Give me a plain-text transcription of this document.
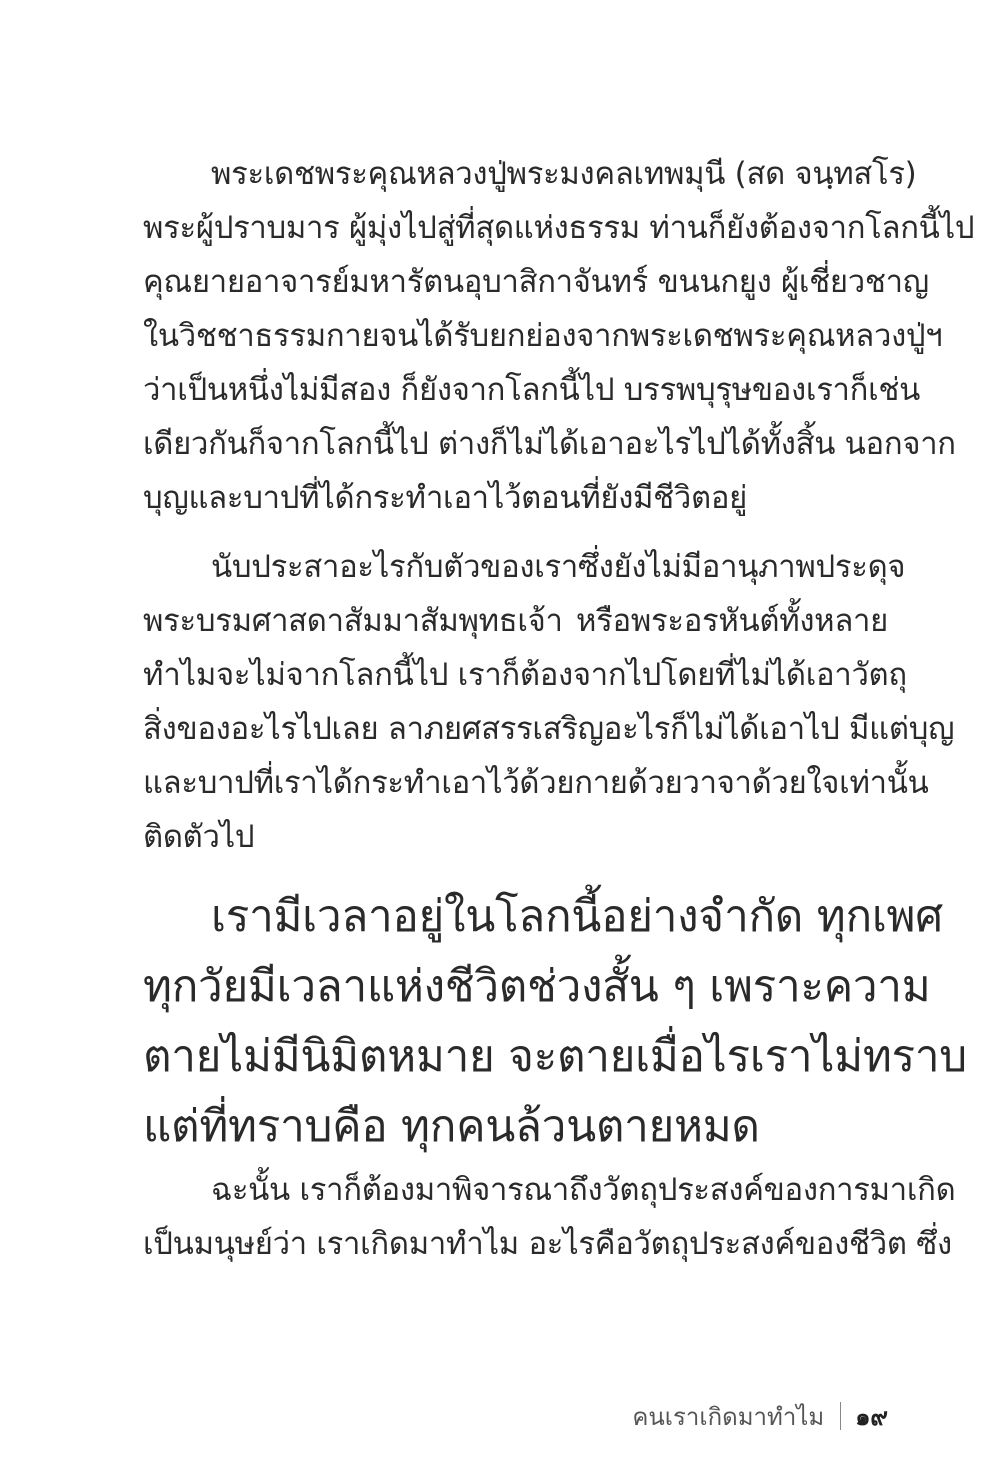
พระเดชพระคุณหลวงปู่พระมงคลเทพมุนี (สด จนฺทสโร)
พระผู้ปราบมาร ผู้มุ่งไปสู่ที่สุดแห่งธรรม ท่านก็ยังต้องจากโลกนี้ไป
คุณยายอาจารย์มหารัตนอุบาสิกาจันทร์ ขนนกยูง ผู้เชี่ยวชาญ
ในวิชชาธรรมกายจนได้รับยกย่องจากพระเดชพระคุณหลวงปู่ฯ
ว่าเป็นหนึ่งไม่มีสอง ก็ยังจากโลกนี้ไป บรรพบุรุษของเราก็เช่น
เดียวกันก็จากโลกนี้ไป ต่างก็ไม่ได้เอาอะไรไปได้ทั้งสิ้น นอกจาก
บุญและบาปที่ได้กระทำเอาไว้ตอนที่ยังมีชีวิตอยู่
นับประสาอะไรกับตัวของเราซึ่งยังไม่มีอานุภาพประดุจ
พระบรมศาสดาสัมมาสัมพุทธเจ้า หรือพระอรหันต์ทั้งหลาย
ทำไมจะไม่จากโลกนี้ไป เราก็ต้องจากไปโดยที่ไม่ได้เอาวัตถุ
สิ่งของอะไรไปเลย ลาภยศสรรเสริญอะไรก็ไม่ได้เอาไป มีแต่บุญ
และบาปที่เราได้กระทำเอาไว้ด้วยกายด้วยวาจาด้วยใจเท่านั้น
ติดตัวไป
เรามีเวลาอยู่ในโลกนี้อย่างจำกัด ทุกเพศ
ทุกวัยมีเวลาแห่งชีวิตช่วงสั้น ๆ เพราะความ
ตายไม่มีนิมิตหมาย จะตายเมื่อไรเราไม่ทราบ
แต่ที่ทราบคือ ทุกคนล้วนตายหมด
ฉะนั้น เราก็ต้องมาพิจารณาถึงวัตถุประสงค์ของการมาเกิด
เป็นมนุษย์ว่า เราเกิดมาทำไม อะไรคือวัตถุประสงค์ของชีวิต ซึ่ง
คนเราเกิดมาทำไม ๑๙
